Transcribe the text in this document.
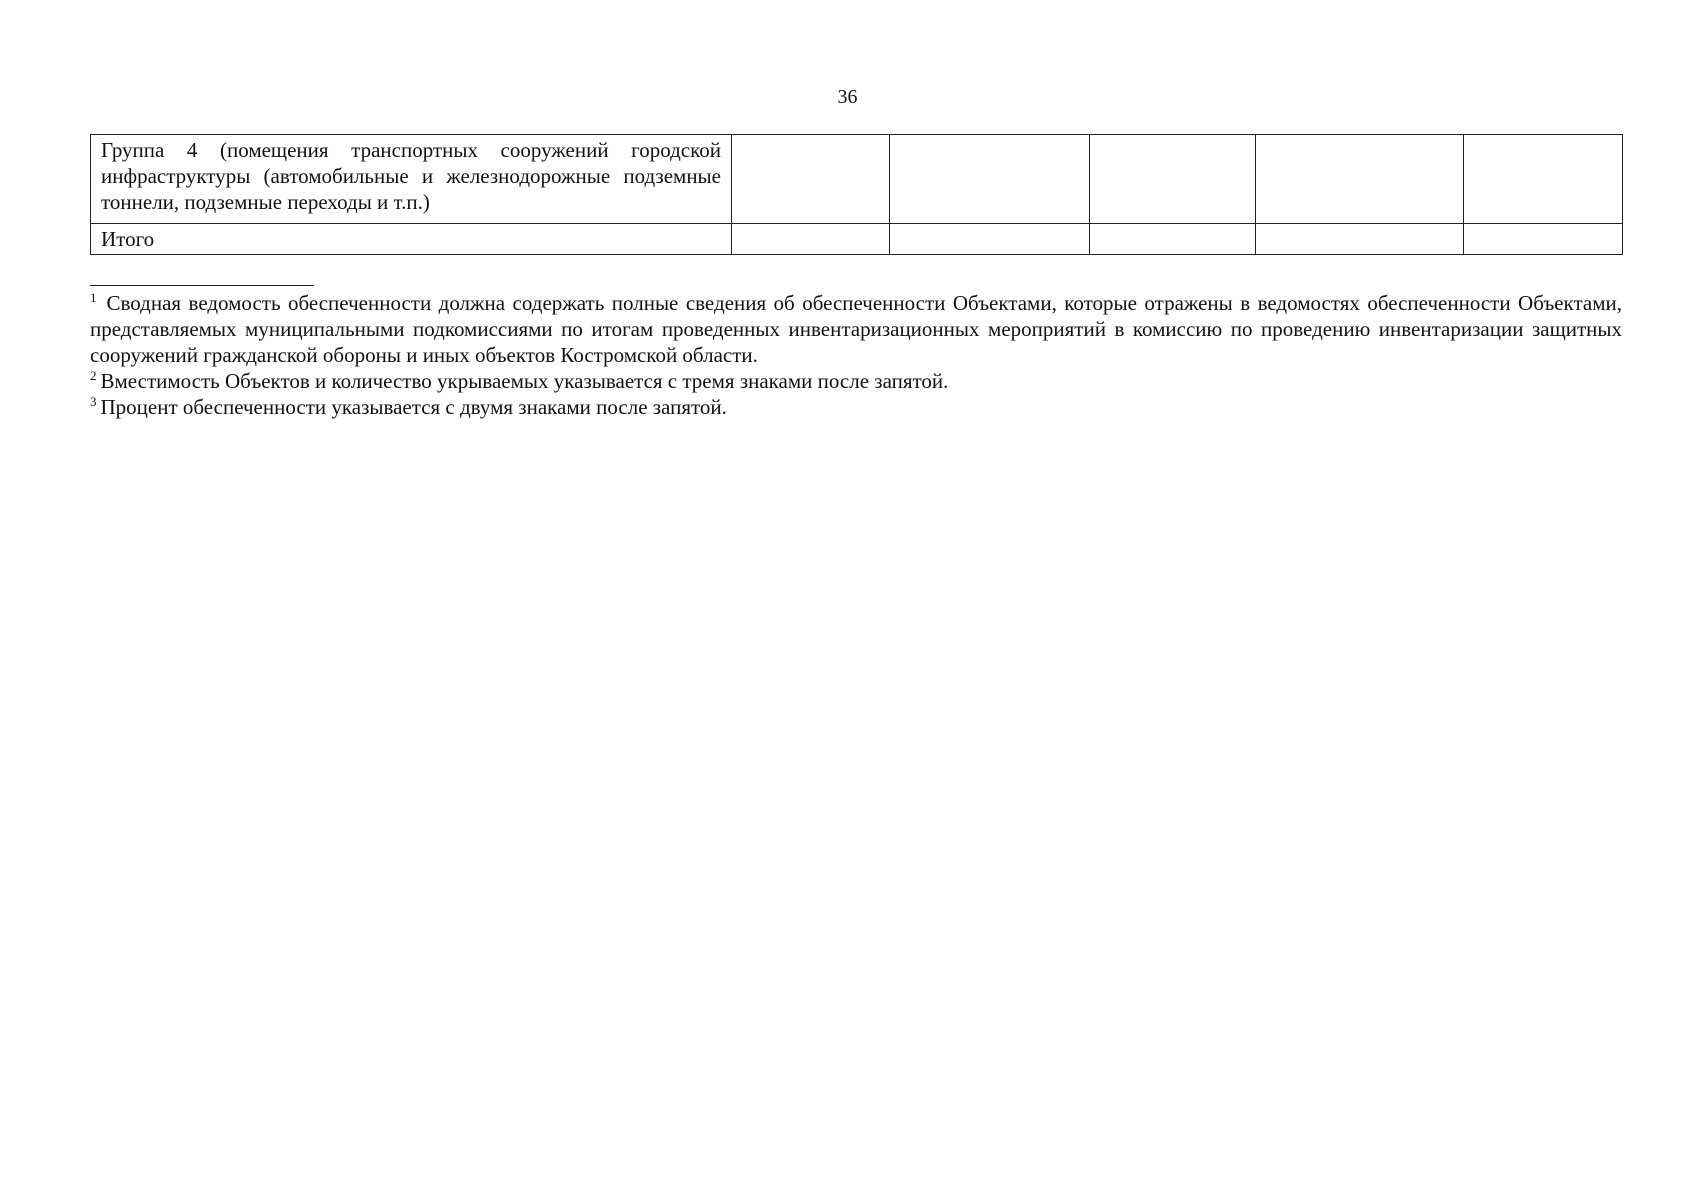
36
Группа 4 (помещения транспортных сооружений городской инфраструктуры (автомобильные и железнодорожные подземные тоннели, подземные переходы и т.п.)					
Итого					

$^1$ Сводная ведомость обеспеченности должна содержать полные сведения об обеспеченности Объектами, которые отражены в ведомостях обеспеченности Объектами, представляемых муниципальными подкомиссиями по итогам проведенных инвентаризационных мероприятий в комиссию по проведению инвентаризации защитных сооружений гражданской обороны и иных объектов Костромской области.

$^2$ Вместимость Объектов и количество укрываемых указывается с тремя знаками после запятой.

$^3$ Процент обеспеченности указывается с двумя знаками после запятой.
